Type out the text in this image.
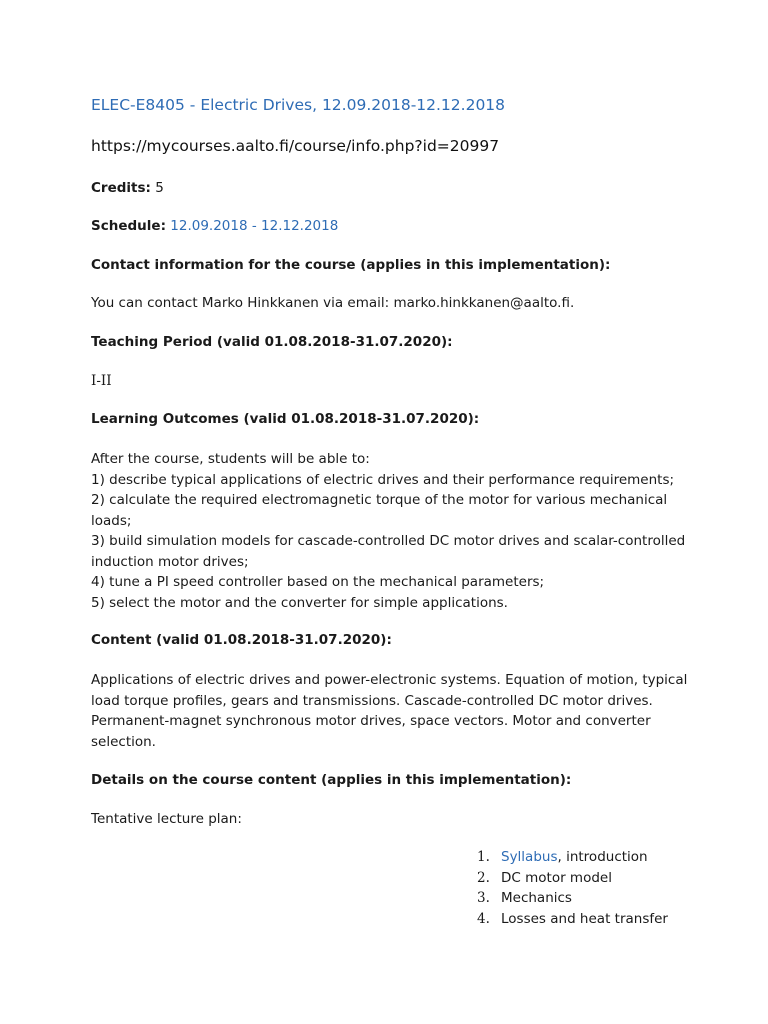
ELEC-E8405 - Electric Drives, 12.09.2018-12.12.2018
https://mycourses.aalto.fi/course/info.php?id=20997
Credits: 5
Schedule: 12.09.2018 - 12.12.2018
Contact information for the course (applies in this implementation):
You can contact Marko Hinkkanen via email: marko.hinkkanen@aalto.fi.
Teaching Period (valid 01.08.2018-31.07.2020):
I-II
Learning Outcomes (valid 01.08.2018-31.07.2020):
After the course, students will be able to:
1) describe typical applications of electric drives and their performance requirements;
2) calculate the required electromagnetic torque of the motor for various mechanical
loads;
3) build simulation models for cascade-controlled DC motor drives and scalar-controlled
induction motor drives;
4) tune a PI speed controller based on the mechanical parameters;
5) select the motor and the converter for simple applications.
Content (valid 01.08.2018-31.07.2020):
Applications of electric drives and power-electronic systems. Equation of motion, typical
load torque profiles, gears and transmissions. Cascade-controlled DC motor drives.
Permanent-magnet synchronous motor drives, space vectors. Motor and converter
selection.
Details on the course content (applies in this implementation):
Tentative lecture plan:
1. Syllabus, introduction
2. DC motor model
3. Mechanics
4. Losses and heat transfer
